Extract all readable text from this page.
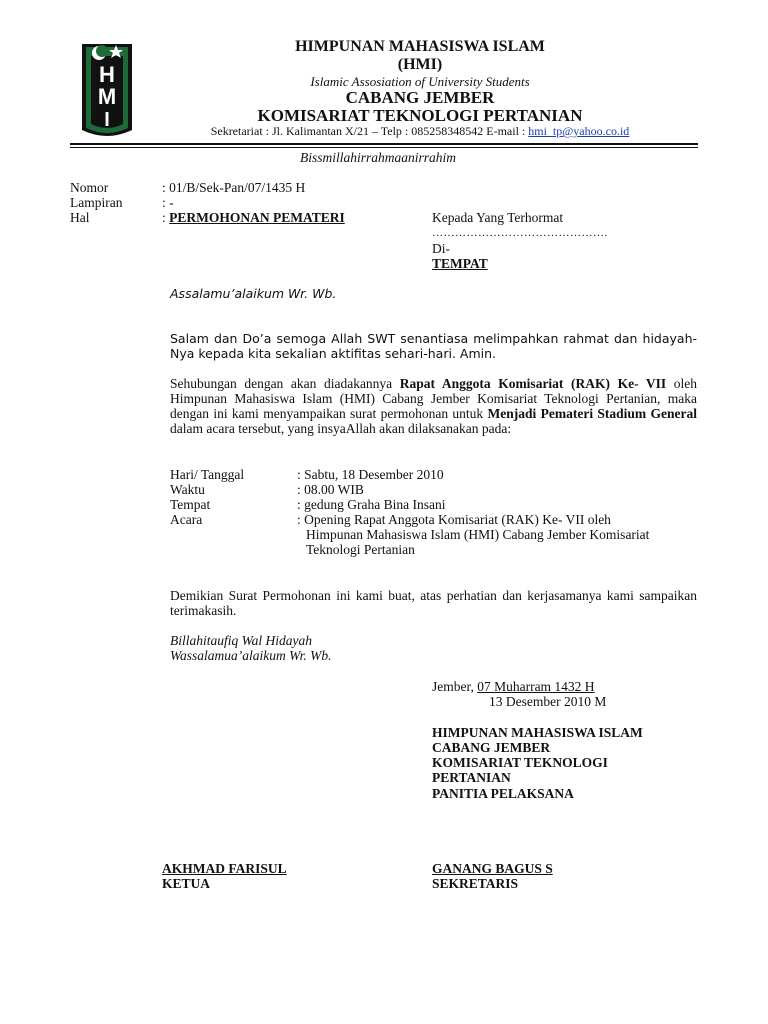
H
M
I
HIMPUNAN MAHASISWA ISLAM
(HMI)
Islamic Assosiation of University Students
CABANG JEMBER
KOMISARIAT TEKNOLOGI PERTANIAN
Sekretariat : Jl. Kalimantan X/21 – Telp : 085258348542 E-mail : hmi_tp@yahoo.co.id
Bissmillahirrahmaanirrahim
Nomor	: 01/B/Sek-Pan/07/1435 H
Lampiran	: -
Hal	: PERMOHONAN PEMATERI	Kepada Yang Terhormat
……………………………………….
Di-
TEMPAT
Assalamu’alaikum Wr. Wb.
Salam dan Do’a semoga Allah SWT senantiasa melimpahkan rahmat dan hidayah-Nya kepada kita sekalian aktifitas sehari-hari. Amin.
Sehubungan dengan akan diadakannya Rapat Anggota Komisariat (RAK) Ke- VII oleh Himpunan Mahasiswa Islam (HMI) Cabang Jember Komisariat Teknologi Pertanian, maka dengan ini kami menyampaikan surat permohonan untuk Menjadi Pemateri Stadium General dalam acara tersebut, yang insyaAllah akan dilaksanakan pada:
Hari/ Tanggal	: Sabtu, 18 Desember 2010
Waktu	: 08.00 WIB
Tempat	: gedung Graha Bina Insani
Acara	: Opening Rapat Anggota Komisariat (RAK) Ke- VII oleh
Himpunan Mahasiswa Islam (HMI) Cabang Jember Komisariat
Teknologi Pertanian
Demikian Surat Permohonan ini kami buat, atas perhatian dan kerjasamanya kami sampaikan terimakasih.
Billahitaufiq Wal Hidayah
Wassalamua’alaikum Wr. Wb.
Jember, 07 Muharram 1432 H
13 Desember 2010 M
HIMPUNAN MAHASISWA ISLAM
CABANG JEMBER
KOMISARIAT TEKNOLOGI
PERTANIAN
PANITIA PELAKSANA
AKHMAD FARISUL
KETUA
GANANG BAGUS S
SEKRETARIS
